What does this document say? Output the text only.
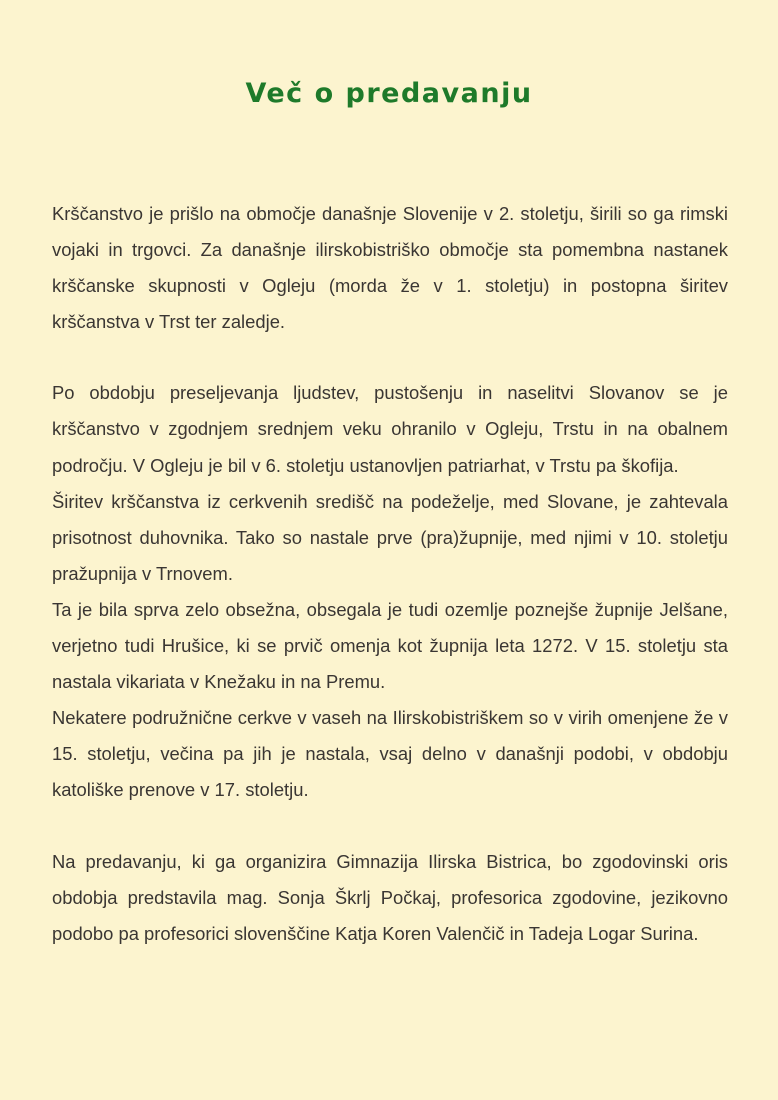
Več o predavanju

Krščanstvo je prišlo na območje današnje Slovenije v 2. stoletju, širili so ga rimski vojaki in trgovci. Za današnje ilirskobistriško območje sta pomembna nastanek krščanske skupnosti v Ogleju (morda že v 1. stoletju) in postopna širitev krščanstva v Trst ter zaledje.

Po obdobju preseljevanja ljudstev, pustošenju in naselitvi Slovanov se je krščanstvo v zgodnjem srednjem veku ohranilo v Ogleju, Trstu in na obalnem področju. V Ogleju je bil v 6. stoletju ustanovljen patriarhat, v Trstu pa škofija.

Širitev krščanstva iz cerkvenih središč na podeželje, med Slovane, je zahtevala prisotnost duhovnika. Tako so nastale prve (pra)župnije, med njimi v 10. stoletju pražupnija v Trnovem.

Ta je bila sprva zelo obsežna, obsegala je tudi ozemlje poznejše župnije Jelšane, verjetno tudi Hrušice, ki se prvič omenja kot župnija leta 1272. V 15. stoletju sta nastala vikariata v Knežaku in na Premu.

Nekatere podružnične cerkve v vaseh na Ilirskobistriškem so v virih omenjene že v 15. stoletju, večina pa jih je nastala, vsaj delno v današnji podobi, v obdobju katoliške prenove v 17. stoletju.

Na predavanju, ki ga organizira Gimnazija Ilirska Bistrica, bo zgodovinski oris obdobja predstavila mag. Sonja Škrlj Počkaj, profesorica zgodovine, jezikovno podobo pa profesorici slovenščine Katja Koren Valenčič in Tadeja Logar Surina.
